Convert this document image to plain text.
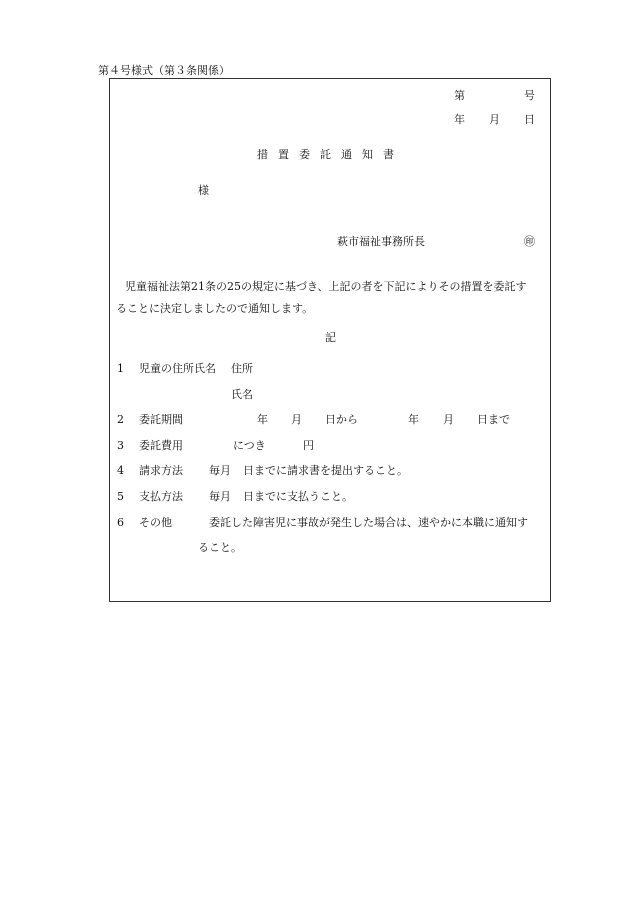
第４号様式（第３条関係）
第	号
年 月 日
措 置 委 託 通 知 書
様
萩市福祉事務所長	㊞
児童福祉法第21条の25の規定に基づき、上記の者を下記によりその措置を委託す
ることに決定しましたので通知します。
記
1 児童の住所氏名 住所
氏名
2 委託期間	年 月 日から	年 月 日まで
3 委託費用	につき	円
4 請求方法 毎月 日までに請求書を提出すること。
5 支払方法 毎月 日までに支払うこと。
6 その他	委託した障害児に事故が発生した場合は、速やかに本職に通知す
ること。
